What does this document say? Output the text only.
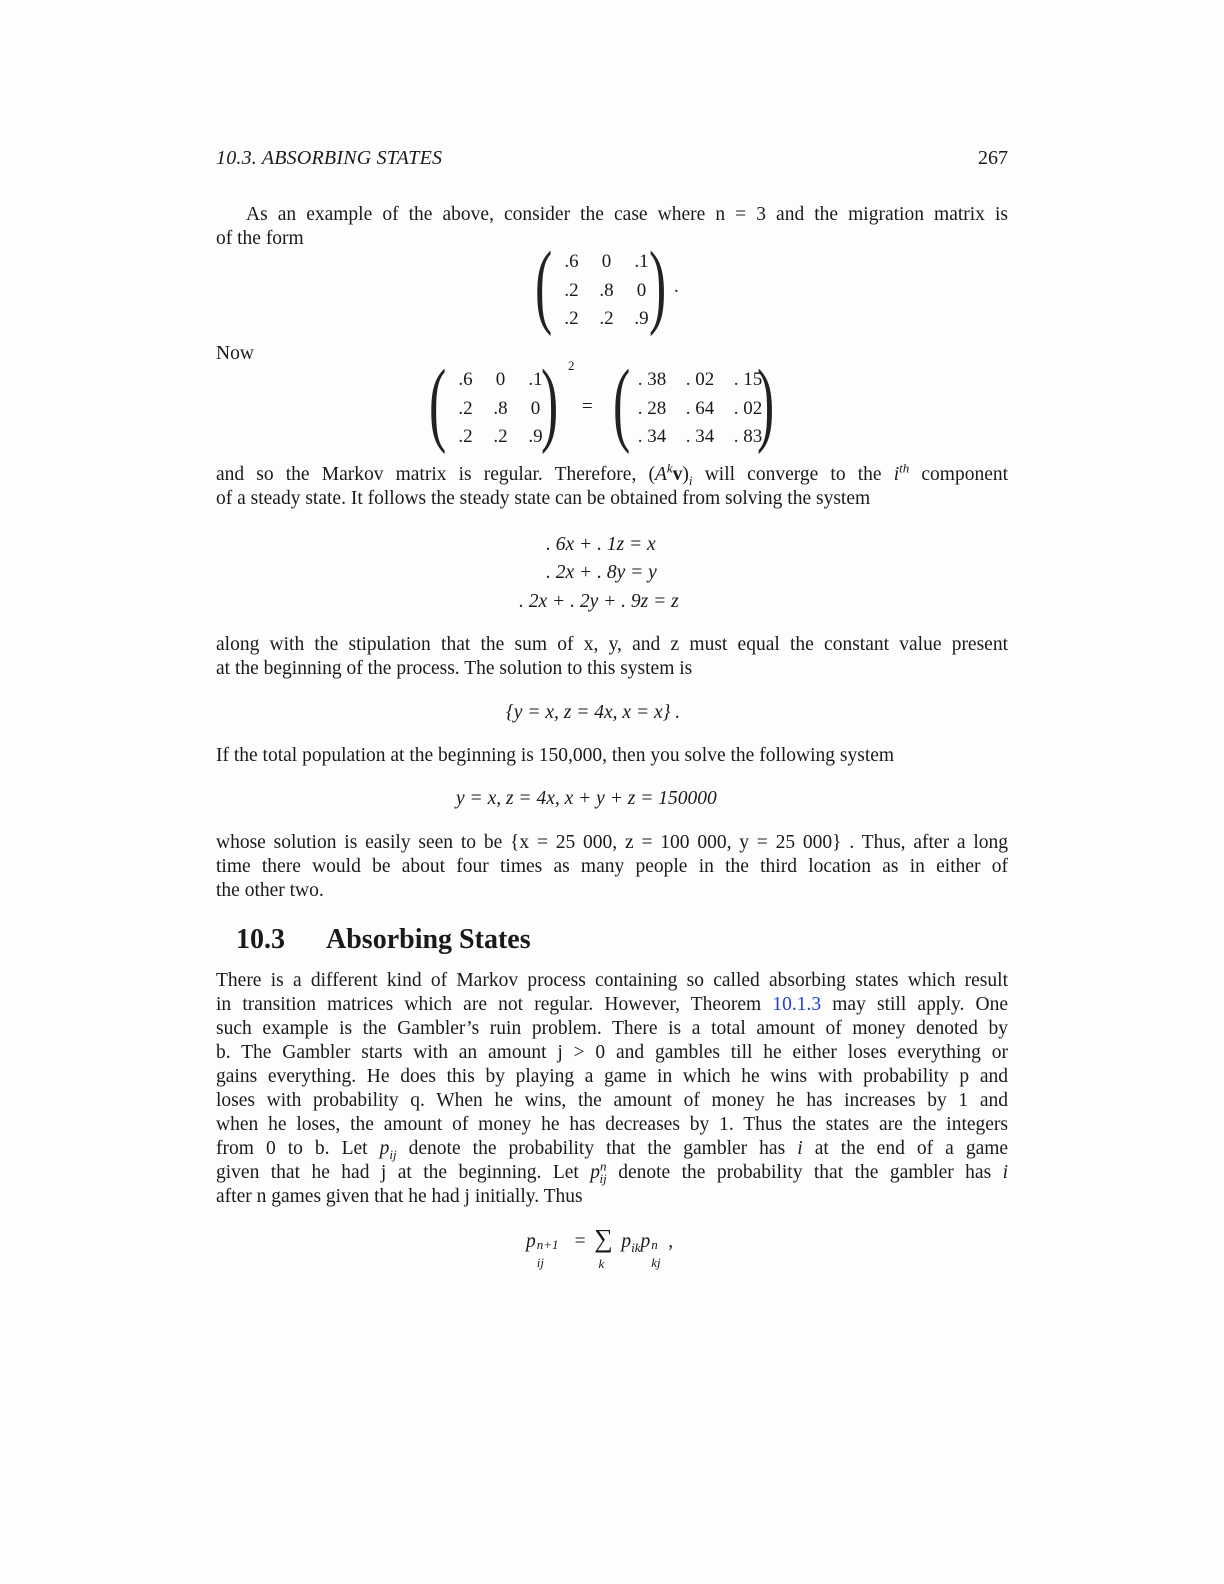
10.3. ABSORBING STATES	267
As an example of the above, consider the case where n = 3 and the migration matrix is
of the form	( .6	0	.1
.2	.8	0
.2	.2	.9 ) .
Now	( .6	0	.1
.2	.8	0
.2	.2	.9
) 2
= ( . 38	. 02	. 15
. 28	. 64	. 02
. 34	. 34	. 83
)
and so the Markov matrix is regular. Therefore, $(A^kv)_i$ will converge to the $i^{th}$ component
of a steady state. It follows the steady state can be obtained from solving the system
. 6x + . 1z = x
. 2x + . 8y = y
. 2x + . 2y + . 9z = z
along with the stipulation that the sum of x, y, and z must equal the constant value present
at the beginning of the process. The solution to this system is
{y = x, z = 4x, x = x} .
If the total population at the beginning is 150,000, then you solve the following system
y = x, z = 4x, x + y + z = 150000
whose solution is easily seen to be {x = 25 000, z = 100 000, y = 25 000} . Thus, after a long
time there would be about four times as many people in the third location as in either of
the other two.
10.3 Absorbing States
There is a different kind of Markov process containing so called absorbing states which result
in transition matrices which are not regular. However, Theorem 10.1.3 may still apply. One
such example is the Gambler’s ruin problem. There is a total amount of money denoted by
b. The Gambler starts with an amount j > 0 and gambles till he either loses everything or
gains everything. He does this by playing a game in which he wins with probability p and
loses with probability q. When he wins, the amount of money he has increases by 1 and
when he loses, the amount of money he has decreases by 1. Thus the states are the integers
from 0 to b. Let $p_{ij}$ denote the probability that the gambler has i at the end of a game
given that he had j at the beginning. Let $p^n_{ij}$ denote the probability that the gambler has i
after n games given that he had j initially. Thus
p n+1
ij
= ∑
k
$p_{ik}p$ n
kj
,
